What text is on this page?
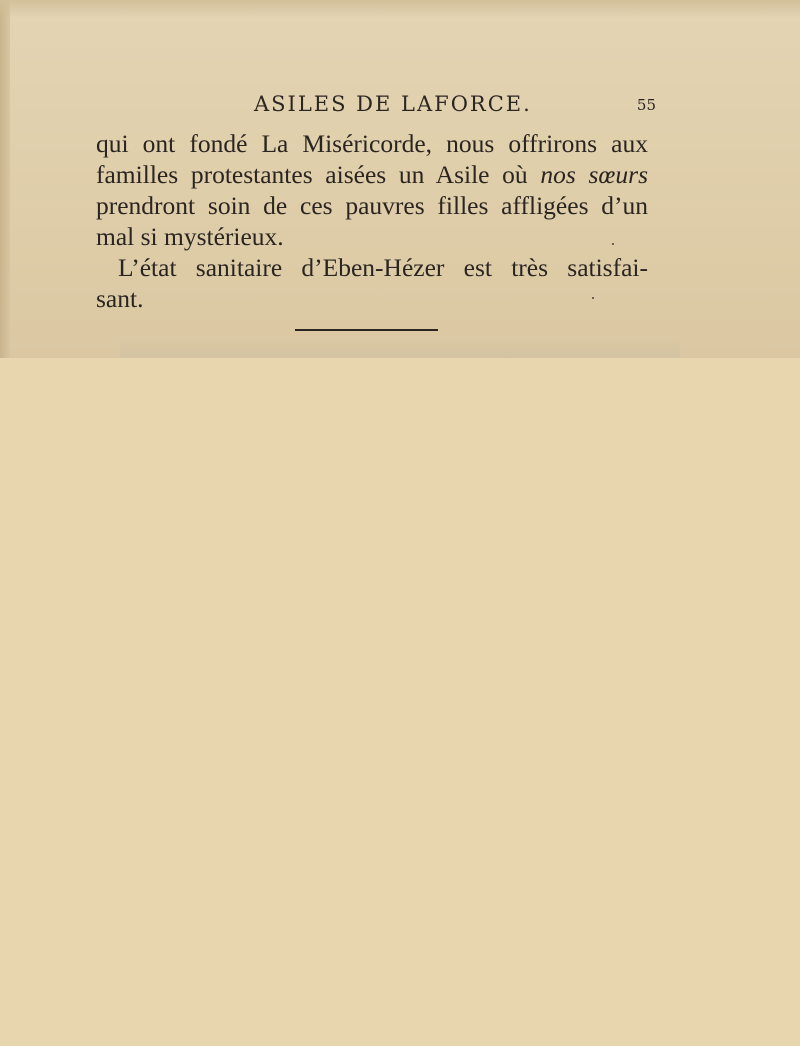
ASILES DE LAFORCE.	55
qui ont fondé La Miséricorde, nous offrirons aux
familles protestantes aisées un Asile où nos sœurs
prendront soin de ces pauvres filles affligées d’un
mal si mystérieux.
L’état sanitaire d’Eben-Hézer est très satisfai-
sant.
